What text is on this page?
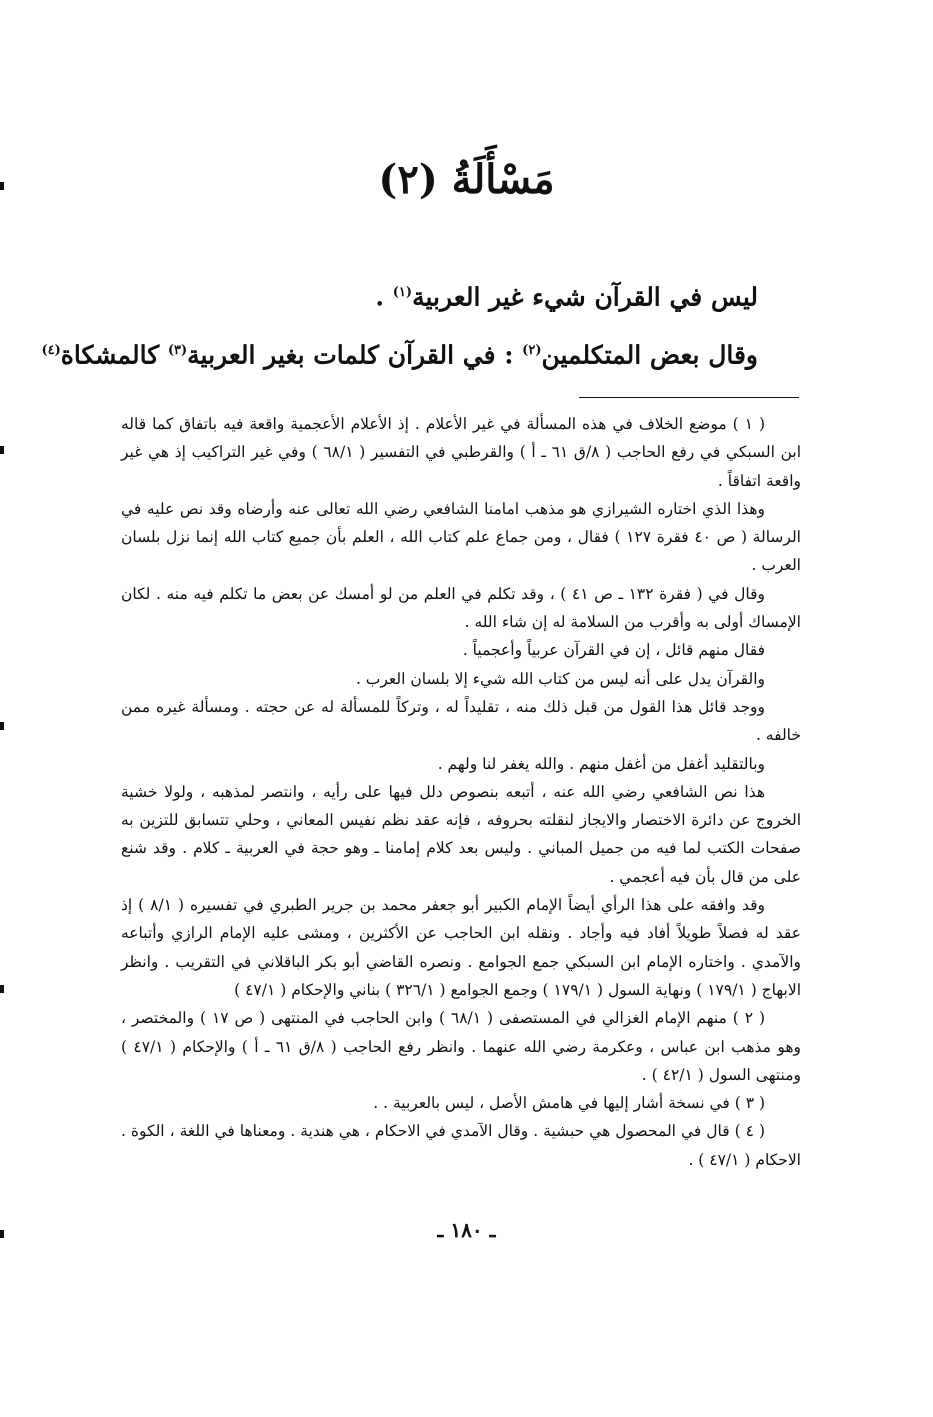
مَسْأَلَةُ (٢)
ليس في القرآن شيء غير العربية$^{(١)}$ .
وقال بعض المتكلمين$^{(٢)}$ : في القرآن كلمات بغير العربية$^{(٣)}$ كالمشكاة$^{(٤)}$

( ١ ) موضع الخلاف في هذه المسألة في غير الأعلام . إذ الأعلام الأعجمية واقعة فيه باتفاق كما قاله ابن السبكي في رفع الحاجب ( ٨/ق ٦١ ـ أ ) والقرطبي في التفسير ( ٦٨/١ ) وفي غير التراكيب إذ هي غير واقعة اتفاقاً .

وهذا الذي اختاره الشيرازي هو مذهب امامنا الشافعي رضي الله تعالى عنه وأرضاه وقد نص عليه في الرسالة ( ص ٤٠ فقرة ١٢٧ ) فقال ، ومن جماع علم كتاب الله ، العلم بأن جميع كتاب الله إنما نزل بلسان العرب .

وقال في ( فقرة ١٣٢ ـ ص ٤١ ) ، وقد تكلم في العلم من لو أمسك عن بعض ما تكلم فيه منه . لكان الإمساك أولى به وأقرب من السلامة له إن شاء الله .

فقال منهم قائل ، إن في القرآن عربياً وأعجمياً .

والقرآن يدل على أنه ليس من كتاب الله شيء إلا بلسان العرب .

ووجد قائل هذا القول من قبل ذلك منه ، تقليداً له ، وتركاً للمسألة له عن حجته . ومسألة غيره ممن خالفه .

وبالتقليد أغفل من أغفل منهم . والله يغفر لنا ولهم .

هذا نص الشافعي رضي الله عنه ، أتبعه بنصوص دلل فيها على رأيه ، وانتصر لمذهبه ، ولولا خشية الخروج عن دائرة الاختصار والايجاز لنقلته بحروفه ، فإنه عقد نظم نفيس المعاني ، وحلي تتسابق للتزين به صفحات الكتب لما فيه من جميل المباني . وليس بعد كلام إمامنا ـ وهو حجة في العربية ـ كلام . وقد شنع على من قال بأن فيه أعجمي .

وقد وافقه على هذا الرأي أيضاً الإمام الكبير أبو جعفر محمد بن جرير الطبري في تفسيره ( ٨/١ ) إذ عقد له فصلاً طويلاً أفاد فيه وأجاد . ونقله ابن الحاجب عن الأكثرين ، ومشى عليه الإمام الرازي وأتباعه والآمدي . واختاره الإمام ابن السبكي جمع الجوامع . ونصره القاضي أبو بكر الباقلاني في التقريب . وانظر الابهاج ( ١٧٩/١ ) ونهاية السول ( ١٧٩/١ ) وجمع الجوامع ( ٣٢٦/١ ) بناني والإحكام ( ٤٧/١ )

( ٢ ) منهم الإمام الغزالي في المستصفى ( ٦٨/١ ) وابن الحاجب في المنتهى ( ص ١٧ ) والمختصر ، وهو مذهب ابن عباس ، وعكرمة رضي الله عنهما . وانظر رفع الحاجب ( ٨/ق ٦١ ـ أ ) والإحكام ( ٤٧/١ ) ومنتهى السول ( ٤٢/١ ) .

( ٣ ) في نسخة أشار إليها في هامش الأصل ، ليس بالعربية . .

( ٤ ) قال في المحصول هي حبشية . وقال الآمدي في الاحكام ، هي هندية . ومعناها في اللغة ، الكوة . الاحكام ( ٤٧/١ ) .

ـ ١٨٠ ـ
